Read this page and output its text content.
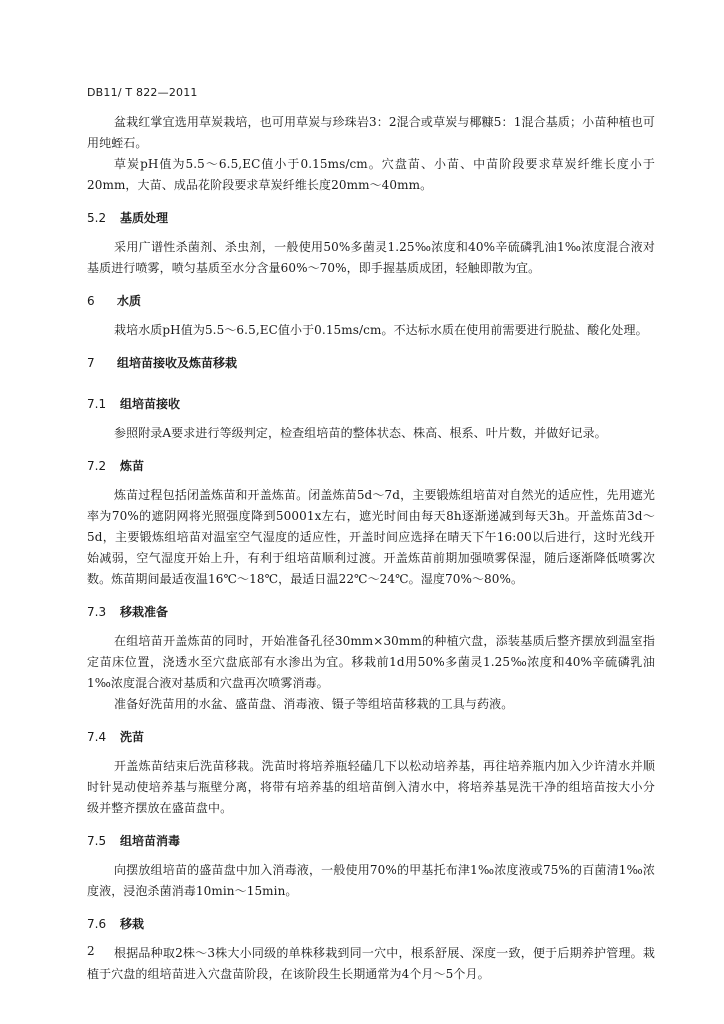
DB11/ T 822—2011

盆栽红掌宜选用草炭栽培，也可用草炭与珍珠岩3：2混合或草炭与椰糠5：1混合基质；小苗种植也可用纯蛭石。

草炭pH值为5.5～6.5,EC值小于0.15ms/cm。穴盘苗、小苗、中苗阶段要求草炭纤维长度小于20mm，大苗、成品花阶段要求草炭纤维长度20mm～40mm。

5.2	基质处理

采用广谱性杀菌剂、杀虫剂，一般使用50%多菌灵1.25‰浓度和40%辛硫磷乳油1‰浓度混合液对基质进行喷雾，喷匀基质至水分含量60%～70%，即手握基质成团，轻触即散为宜。

6	水质

栽培水质pH值为5.5～6.5,EC值小于0.15ms/cm。不达标水质在使用前需要进行脱盐、酸化处理。

7	组培苗接收及炼苗移栽
7.1	组培苗接收

参照附录A要求进行等级判定，检查组培苗的整体状态、株高、根系、叶片数，并做好记录。

7.2	炼苗

炼苗过程包括闭盖炼苗和开盖炼苗。闭盖炼苗5d～7d，主要锻炼组培苗对自然光的适应性，先用遮光率为70%的遮阴网将光照强度降到50001x左右，遮光时间由每天8h逐渐递减到每天3h。开盖炼苗3d～5d，主要锻炼组培苗对温室空气湿度的适应性，开盖时间应选择在晴天下午16:00以后进行，这时光线开始减弱，空气湿度开始上升，有利于组培苗顺利过渡。开盖炼苗前期加强喷雾保湿，随后逐渐降低喷雾次数。炼苗期间最适夜温16℃～18℃，最适日温22℃～24℃。湿度70%～80%。

7.3	移栽准备

在组培苗开盖炼苗的同时，开始准备孔径30mm×30mm的种植穴盘，添装基质后整齐摆放到温室指定苗床位置，浇透水至穴盘底部有水渗出为宜。移栽前1d用50%多菌灵1.25‰浓度和40%辛硫磷乳油1‰浓度混合液对基质和穴盘再次喷雾消毒。

准备好洗苗用的水盆、盛苗盘、消毒液、镊子等组培苗移栽的工具与药液。

7.4	洗苗

开盖炼苗结束后洗苗移栽。洗苗时将培养瓶轻磕几下以松动培养基，再往培养瓶内加入少许清水并顺时针晃动使培养基与瓶壁分离，将带有培养基的组培苗倒入清水中，将培养基晃洗干净的组培苗按大小分级并整齐摆放在盛苗盘中。

7.5	组培苗消毒

向摆放组培苗的盛苗盘中加入消毒液，一般使用70%的甲基托布津1‰浓度液或75%的百菌清1‰浓度液，浸泡杀菌消毒10min～15min。

7.6	移栽

根据品种取2株～3株大小同级的单株移栽到同一穴中，根系舒展、深度一致，便于后期养护管理。栽植于穴盘的组培苗进入穴盘苗阶段，在该阶段生长期通常为4个月～5个月。

2
